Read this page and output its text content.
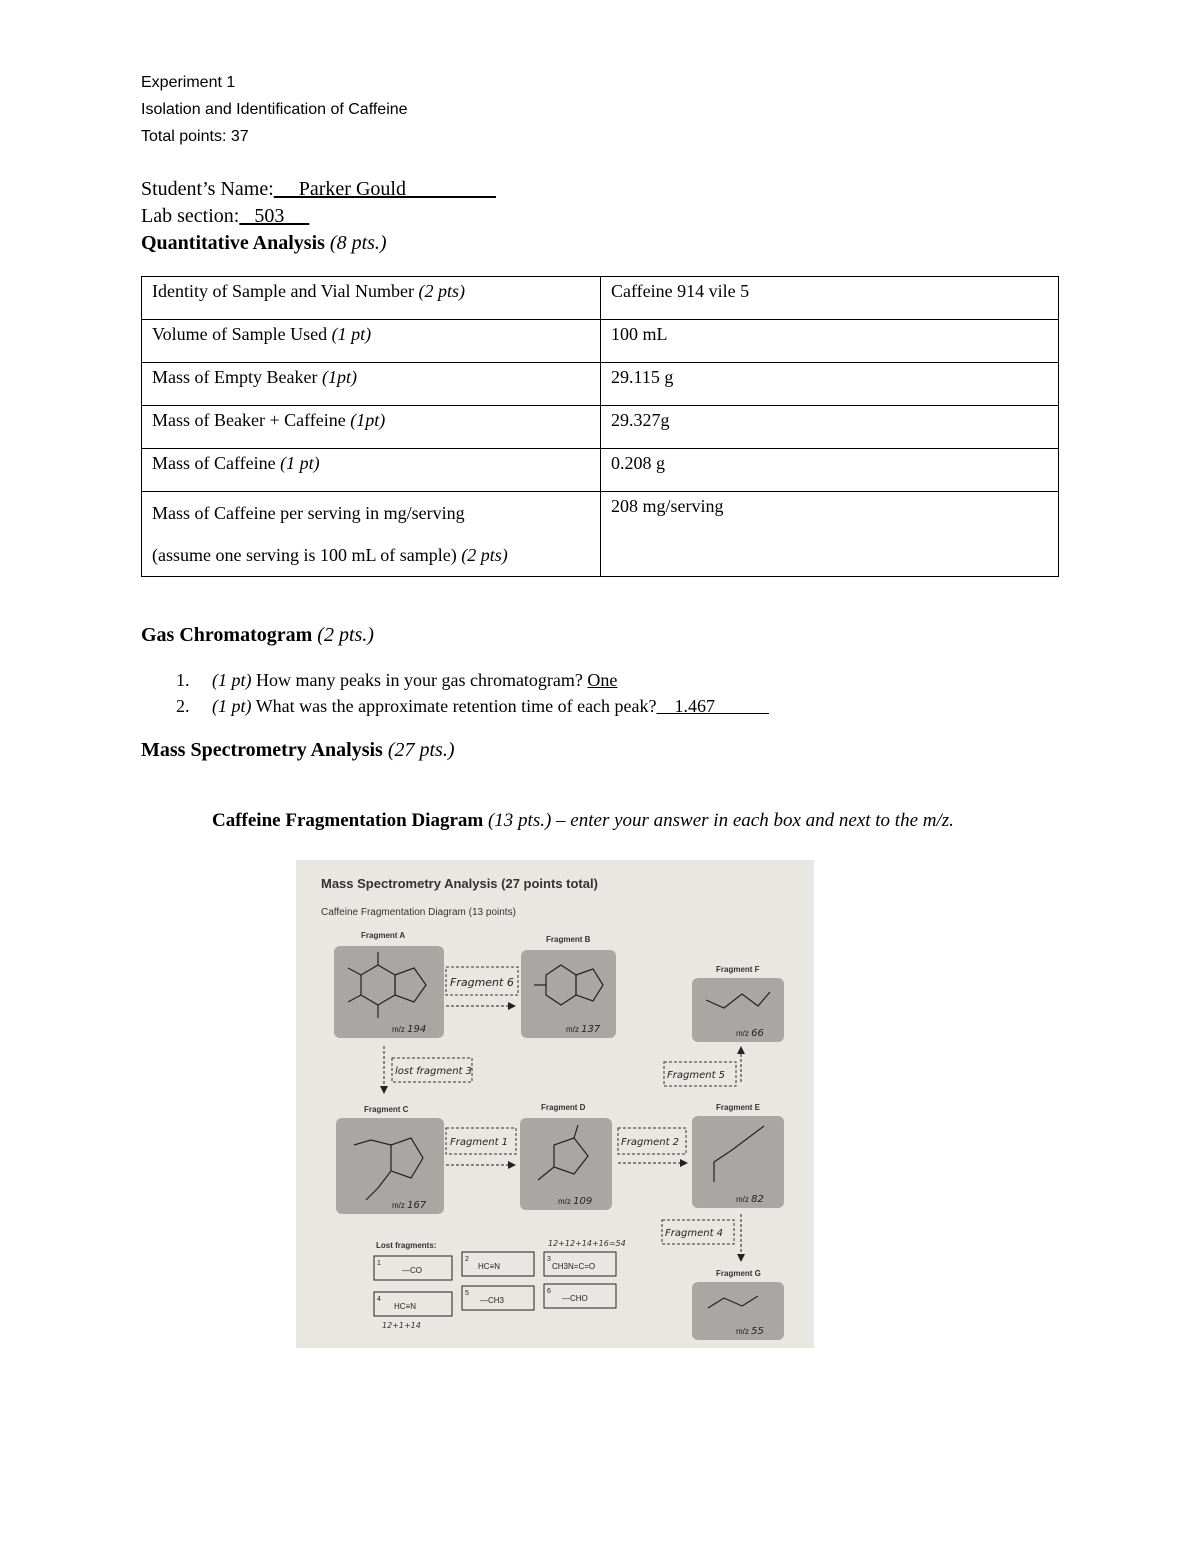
Experiment 1
Isolation and Identification of Caffeine
Total points: 37
Student’s Name:     Parker Gould
Lab section:   503
Quantitative Analysis (8 pts.)
Identity of Sample and Vial Number (2 pts)	Caffeine 914 vile 5
Volume of Sample Used (1 pt)	100 mL
Mass of Empty Beaker (1pt)	29.115 g
Mass of Beaker + Caffeine (1pt)	29.327g
Mass of Caffeine (1 pt)	0.208 g
Mass of Caffeine per serving in mg/serving
(assume one serving is 100 mL of sample) (2 pts)	208 mg/serving
Gas Chromatogram (2 pts.)
1. (1 pt) How many peaks in your gas chromatogram? One
2. (1 pt) What was the approximate retention time of each peak?    1.467
Mass Spectrometry Analysis (27 pts.)
Caffeine Fragmentation Diagram (13 pts.) – enter your answer in each box and next to the m/z.
Mass Spectrometry Analysis (27 points total)
Caffeine Fragmentation Diagram (13 points)
Fragment A
m/z 194
Fragment B
m/z 137
Fragment F
m/z 66
Fragment 6
lost fragment 3	Fragment 5
Fragment C
m/z 167
Fragment 1
Fragment D
m/z 109
Fragment 2
Fragment E
m/z 82
Fragment 4
Fragment G
m/z 55
Lost fragments:	12+12+14+16=54
1
—CO
2
HC≡N
3
CH3N=C=O
4
HC≡N
5
—CH3
6
—CHO
12+1+14
